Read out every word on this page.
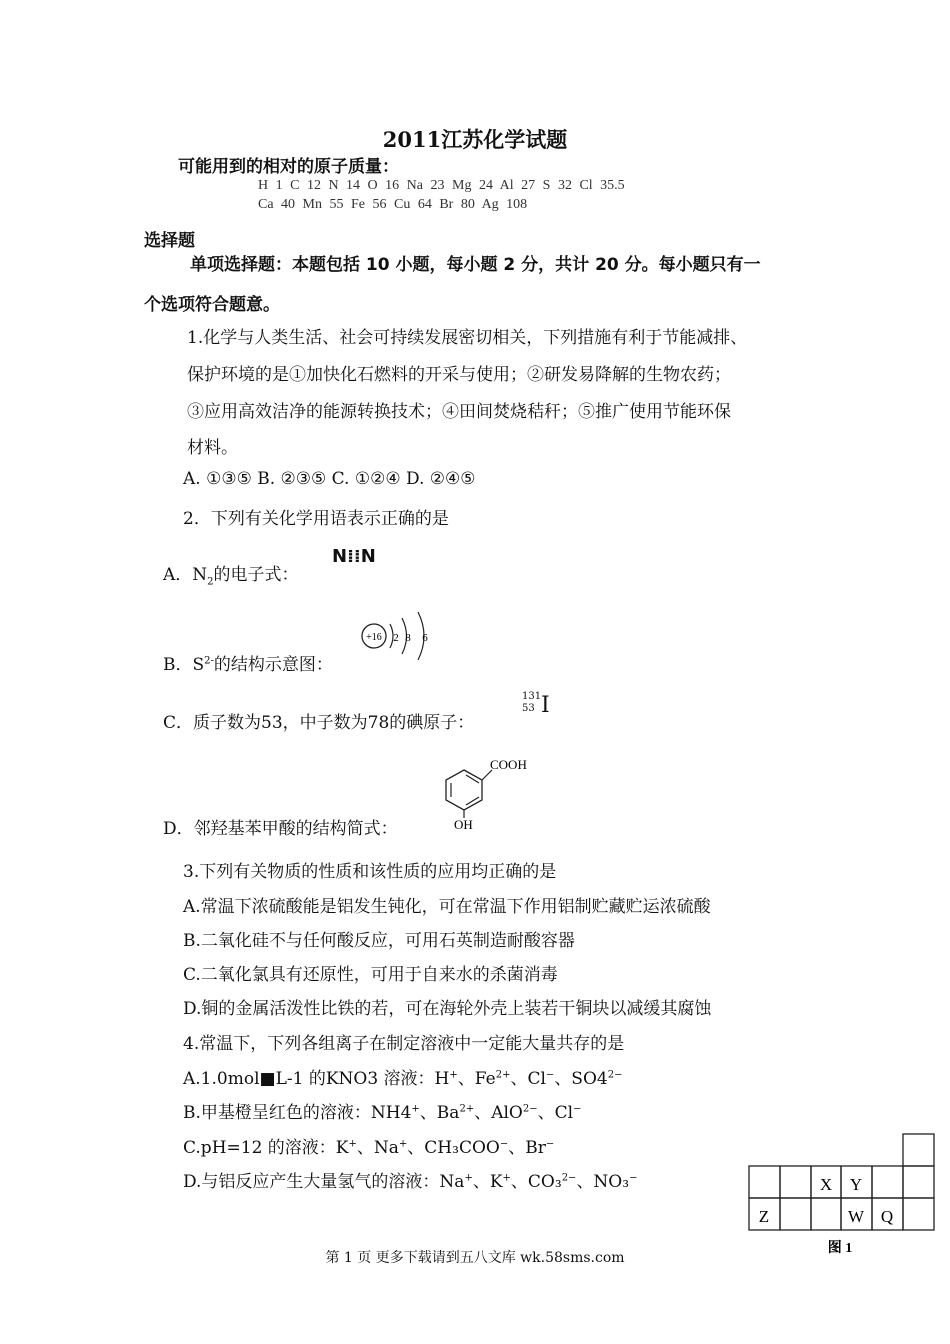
2011江苏化学试题
可能用到的相对的原子质量：
H 1 C 12 N 14 O 16 Na 23 Mg 24 Al 27 S 32 Cl 35.5
Ca 40 Mn 55 Fe 56 Cu 64 Br 80 Ag 108
选择题
单项选择题：本题包括 10 小题，每小题 2 分，共计 20 分。每小题只有一
个选项符合题意。
1.化学与人类生活、社会可持续发展密切相关，下列措施有利于节能减排、
保护环境的是①加快化石燃料的开采与使用；②研发易降解的生物农药；
③应用高效洁净的能源转换技术；④田间焚烧秸秆；⑤推广使用节能环保
材料。
A. ①③⑤ B. ②③⑤ C. ①②④ D. ②④⑤
2．下列有关化学用语表示正确的是
A．$N_2$的电子式：
N⁞⁞N
B．$S^{2-}$的结构示意图：
+16 2 8 6
C．质子数为53，中子数为78的碘原子：
131
53 I
D．邻羟基苯甲酸的结构简式：
COOH
OH
3.下列有关物质的性质和该性质的应用均正确的是
A.常温下浓硫酸能是铝发生钝化，可在常温下作用铝制贮藏贮运浓硫酸
B.二氧化硅不与任何酸反应，可用石英制造耐酸容器
C.二氧化氯具有还原性，可用于自来水的杀菌消毒
D.铜的金属活泼性比铁的若，可在海轮外壳上装若干铜块以减缓其腐蚀
4.常温下，下列各组离子在制定溶液中一定能大量共存的是
A.1.0mol■L-1 的KNO3 溶液：H+、$Fe^{2+}$、Cl−、$SO4^{2-}$
B.甲基橙呈红色的溶液：NH4+、$Ba^{2+}$、AlO$^{2-}$、Cl−
C.pH=12 的溶液：K+、Na+、CH₃COO−、Br−
D.与铝反应产生大量氢气的溶液：Na+、K+、CO₃$^{2-}$、NO₃−	X Y
Z	W Q
图 1
第 1 页 更多下载请到五八文库 wk.58sms.com
